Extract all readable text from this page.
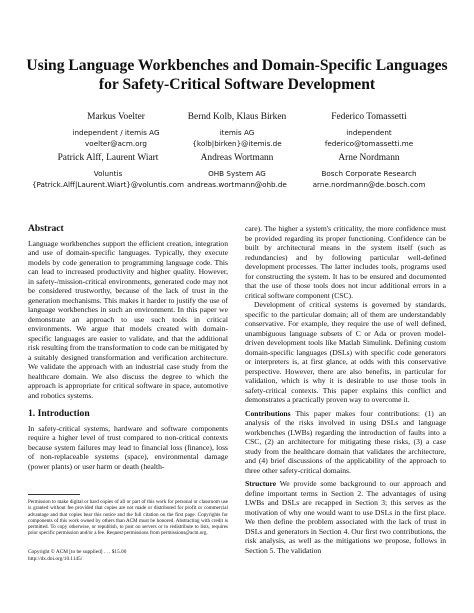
Using Language Workbenches and Domain-Specific Languages
for Safety-Critical Software Development
Markus Voelter
independent / itemis AG
voelter@acm.org
Bernd Kolb, Klaus Birken
itemis AG
{kolb|birken}@itemis.de
Federico Tomassetti
independent
federico@tomassetti.me
Patrick Alff, Laurent Wiart
Voluntis
{Patrick.Alff|Laurent.Wiart}@voluntis.com
Andreas Wortmann
OHB System AG
andreas.wortmann@ohb.de
Arne Nordmann
Bosch Corporate Research
arne.nordmann@de.bosch.com
Abstract

Language workbenches support the efficient creation, integration and use of domain-specific languages. Typically, they execute models by code generation to programming language code. This can lead to increased productivity and higher quality. However, in safety-/mission-critical environments, generated code may not be considered trustworthy, because of the lack of trust in the generation mechanisms. This makes it harder to justify the use of language workbenches in such an environment. In this paper we demonstrate an approach to use such tools in critical environments. We argue that models created with domain-specific languages are easier to validate, and that the additional risk resulting from the transformation to code can be mitigated by a suitably designed transformation and verification architecture. We validate the approach with an industrial case study from the healthcare domain. We also discuss the degree to which the approach is appropriate for critical software in space, automotive and robotics systems.

1. Introduction

In safety-critical systems, hardware and software components require a higher level of trust compared to non-critical contexts because system failures may lead to financial loss (finance), loss of non-replaceable systems (space), environmental damage (power plants) or user harm or death (health-

Permission to make digital or hard copies of all or part of this work for personal or classroom use is granted without fee provided that copies are not made or distributed for profit or commercial advantage and that copies bear this notice and the full citation on the first page. Copyrights for components of this work owned by others than ACM must be honored. Abstracting with credit is permitted. To copy otherwise, or republish, to post on servers or to redistribute to lists, requires prior specific permission and/or a fee. Request permissions from permissions@acm.org.
Copyright © ACM [to be supplied] . . . $15.00
http://dx.doi.org/10.1145/

care). The higher a system's criticality, the more confidence must be provided regarding its proper functioning. Confidence can be built by architectural means in the system itself (such as redundancies) and by following particular well-defined development processes. The latter includes tools, programs used for constructing the system. It has to be ensured and documented that the use of those tools does not incur additional errors in a critical software component (CSC).

Development of critical systems is governed by standards, specific to the particular domain; all of them are understandably conservative. For example, they require the use of well defined, unambiguous language subsets of C or Ada or proven model-driven development tools like Matlab Simulink. Defining custom domain-specific languages (DSLs) with specific code generators or interpreters is, at first glance, at odds with this conservative perspective. However, there are also benefits, in particular for validation, which is why it is desirable to use those tools in safety-critical contexts. This paper explains this conflict and demonstrates a practically proven way to overcome it.

Contributions This paper makes four contributions: (1) an analysis of the risks involved in using DSLs and language workbenches (LWBs) regarding the introduction of faults into a CSC, (2) an architecture for mitigating these risks, (3) a case study from the healthcare domain that validates the architecture, and (4) brief discussions of the applicability of the approach to three other safety-critical domains.

Structure We provide some background to our approach and define important terms in Section 2. The advantages of using LWBs and DSLs are recapped in Section 3; this serves as the motivation of why one would want to use DSLs in the first place. We then define the problem associated with the lack of trust in DSLs and generators in Section 4. Our first two contributions, the risk analysis, as well as the mitigations we propose, follows in Section 5. The validation
